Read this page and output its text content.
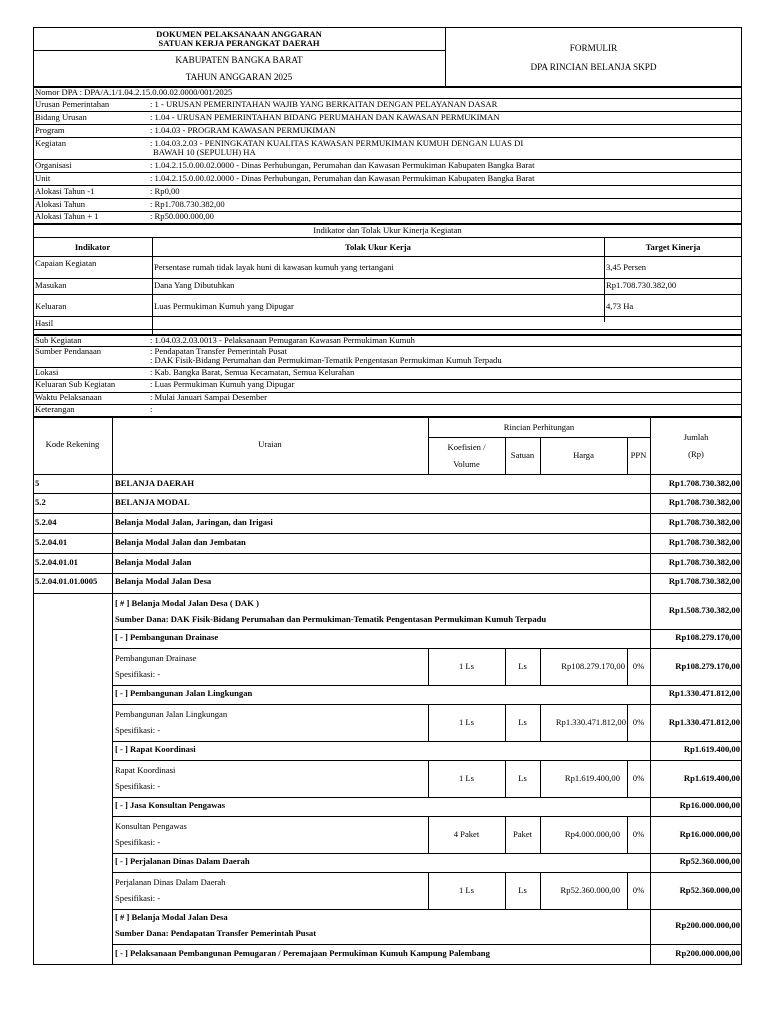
DOKUMEN PELAKSANAAN ANGGARAN
SATUAN KERJA PERANGKAT DAERAH
KABUPATEN BANGKA BARAT
TAHUN ANGGARAN 2025
FORMULIR
DPA RINCIAN BELANJA SKPD
Nomor DPA : DPA/A.1/1.04.2.15.0.00.02.0000/001/2025
Urusan Pemerintahan	: 1 - URUSAN PEMERINTAHAN WAJIB YANG BERKAITAN DENGAN PELAYANAN DASAR
Bidang Urusan	: 1.04 - URUSAN PEMERINTAHAN BIDANG PERUMAHAN DAN KAWASAN PERMUKIMAN
Program	: 1.04.03 - PROGRAM KAWASAN PERMUKIMAN
Kegiatan	: 1.04.03.2.03 - PENINGKATAN KUALITAS KAWASAN PERMUKIMAN KUMUH DENGAN LUAS DI
BAWAH 10 (SEPULUH) HA
Organisasi	: 1.04.2.15.0.00.02.0000 - Dinas Perhubungan, Perumahan dan Kawasan Permukiman Kabupaten Bangka Barat
Unit	: 1.04.2.15.0.00.02.0000 - Dinas Perhubungan, Perumahan dan Kawasan Permukiman Kabupaten Bangka Barat
Alokasi Tahun -1	: Rp0,00
Alokasi Tahun	: Rp1.708.730.382,00
Alokasi Tahun + 1	: Rp50.000.000,00
Indikator dan Tolak Ukur Kinerja Kegiatan
Indikator	Tolak Ukur Kerja	Target Kinerja
Capaian Kegiatan	Persentase rumah tidak layak huni di kawasan kumuh yang tertangani	3,45 Persen
Masukan	Dana Yang Dibutuhkan	Rp1.708.730.382,00
Keluaran	Luas Permukiman Kumuh yang Dipugar	4,73 Ha
Hasil
Sub Kegiatan	: 1.04.03.2.03.0013 - Pelaksanaan Pemugaran Kawasan Permukiman Kumuh
Sumber Pendanaan	: Pendapatan Transfer Pemerintah Pusat
: DAK Fisik-Bidang Perumahan dan Permukiman-Tematik Pengentasan Permukiman Kumuh Terpadu
Lokasi	: Kab. Bangka Barat, Semua Kecamatan, Semua Kelurahan
Keluaran Sub Kegiatan	: Luas Permukiman Kumuh yang Dipugar
Waktu Pelaksanaan	: Mulai Januari Sampai Desember
Keterangan	:
Kode Rekening	Uraian
Rincian Perhitungan
Koefisien /
Volume
Satuan	Harga	PPN
Jumlah
(Rp)
5	BELANJA DAERAH	Rp1.708.730.382,00
5.2	BELANJA MODAL	Rp1.708.730.382,00
5.2.04	Belanja Modal Jalan, Jaringan, dan Irigasi	Rp1.708.730.382,00
5.2.04.01	Belanja Modal Jalan dan Jembatan	Rp1.708.730.382,00
5.2.04.01.01	Belanja Modal Jalan	Rp1.708.730.382,00
5.2.04.01.01.0005 Belanja Modal Jalan Desa	Rp1.708.730.382,00
[ # ] Belanja Modal Jalan Desa ( DAK )
Sumber Dana: DAK Fisik-Bidang Perumahan dan Permukiman-Tematik Pengentasan Permukiman Kumuh Terpadu
Rp1.508.730.382,00
[ - ] Pembangunan Drainase	Rp108.279.170,00
Pembangunan Drainase
Spesifikasi: -
1 Ls	Ls	Rp108.279.170,00 0%	Rp108.279.170,00
[ - ] Pembangunan Jalan Lingkungan	Rp1.330.471.812,00
Pembangunan Jalan Lingkungan
Spesifikasi: -
1 Ls	Ls	Rp1.330.471.812,00 0%	Rp1.330.471.812,00
[ - ] Rapat Koordinasi	Rp1.619.400,00
Rapat Koordinasi
Spesifikasi: -
1 Ls	Ls	Rp1.619.400,00	0%	Rp1.619.400,00
[ - ] Jasa Konsultan Pengawas	Rp16.000.000,00
Konsultan Pengawas
Spesifikasi: -
4 Paket	Paket	Rp4.000.000,00	0%	Rp16.000.000,00
[ - ] Perjalanan Dinas Dalam Daerah	Rp52.360.000,00
Perjalanan Dinas Dalam Daerah
Spesifikasi: -
1 Ls	Ls	Rp52.360.000,00	0%	Rp52.360.000,00
[ # ] Belanja Modal Jalan Desa
Sumber Dana: Pendapatan Transfer Pemerintah Pusat
Rp200.000.000,00
[ - ] Pelaksanaan Pembangunan Pemugaran / Peremajaan Permukiman Kumuh Kampung Palembang	Rp200.000.000,00
